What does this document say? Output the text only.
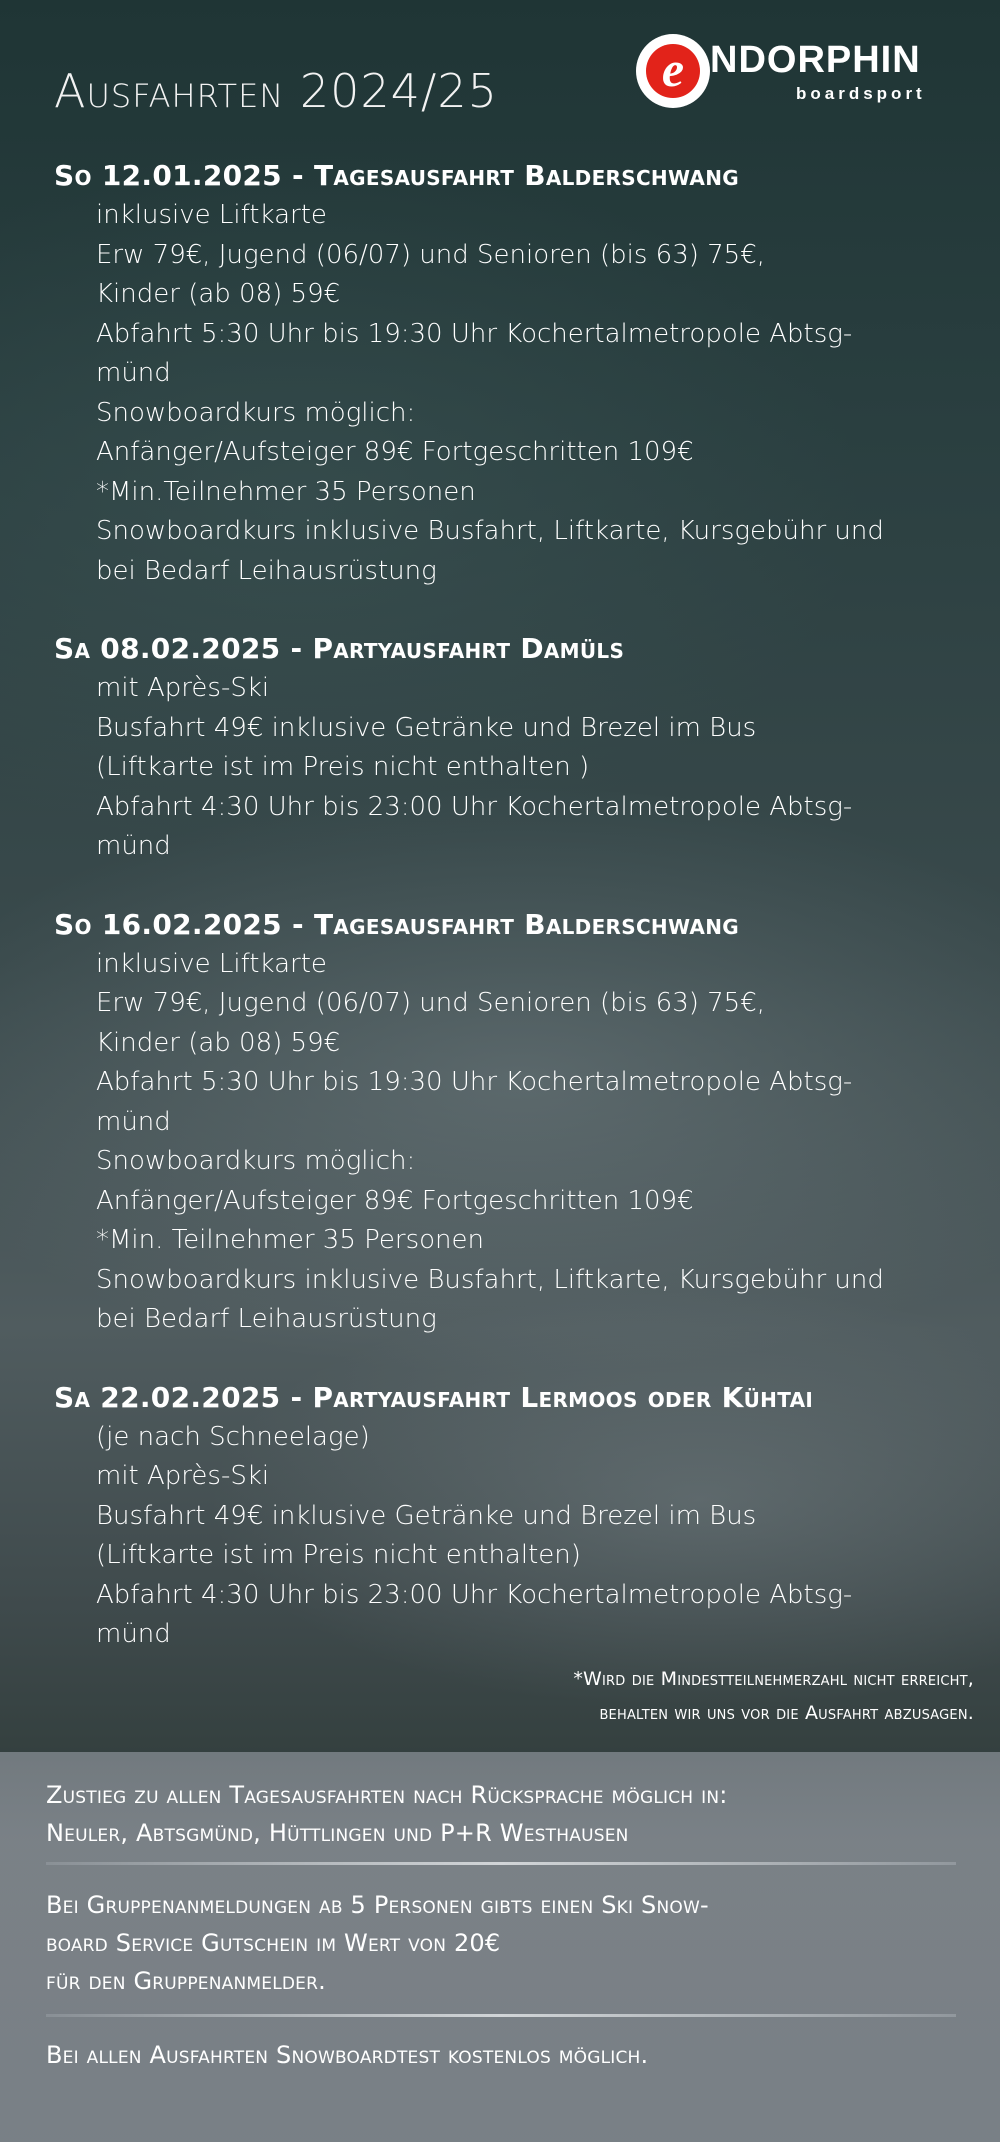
Ausfahrten 2024/25	e NDORPHIN
boardsport
So 12.01.2025 - Tagesausfahrt Balderschwang
inklusive Liftkarte
Erw 79€, Jugend (06/07) und Senioren (bis 63) 75€,
Kinder (ab 08) 59€
Abfahrt 5:30 Uhr bis 19:30 Uhr Kochertalmetropole Abtsg-
münd
Snowboardkurs möglich:
Anfänger/Aufsteiger 89€ Fortgeschritten 109€
*Min.Teilnehmer 35 Personen
Snowboardkurs inklusive Busfahrt, Liftkarte, Kursgebühr und
bei Bedarf Leihausrüstung
Sa 08.02.2025 - Partyausfahrt Damüls
mit Après-Ski
Busfahrt 49€ inklusive Getränke und Brezel im Bus
(Liftkarte ist im Preis nicht enthalten )
Abfahrt 4:30 Uhr bis 23:00 Uhr Kochertalmetropole Abtsg-
münd
So 16.02.2025 - Tagesausfahrt Balderschwang
inklusive Liftkarte
Erw 79€, Jugend (06/07) und Senioren (bis 63) 75€,
Kinder (ab 08) 59€
Abfahrt 5:30 Uhr bis 19:30 Uhr Kochertalmetropole Abtsg-
münd
Snowboardkurs möglich:
Anfänger/Aufsteiger 89€ Fortgeschritten 109€
*Min. Teilnehmer 35 Personen
Snowboardkurs inklusive Busfahrt, Liftkarte, Kursgebühr und
bei Bedarf Leihausrüstung
Sa 22.02.2025 - Partyausfahrt Lermoos oder Kühtai
(je nach Schneelage)
mit Après-Ski
Busfahrt 49€ inklusive Getränke und Brezel im Bus
(Liftkarte ist im Preis nicht enthalten)
Abfahrt 4:30 Uhr bis 23:00 Uhr Kochertalmetropole Abtsg-
münd
*Wird die Mindestteilnehmerzahl nicht erreicht,
behalten wir uns vor die Ausfahrt abzusagen.
Zustieg zu allen Tagesausfahrten nach Rücksprache möglich in:
Neuler, Abtsgmünd, Hüttlingen und P+R Westhausen
Bei Gruppenanmeldungen ab 5 Personen gibts einen Ski Snow-
board Service Gutschein im Wert von 20€
für den Gruppenanmelder.
Bei allen Ausfahrten Snowboardtest kostenlos möglich.
